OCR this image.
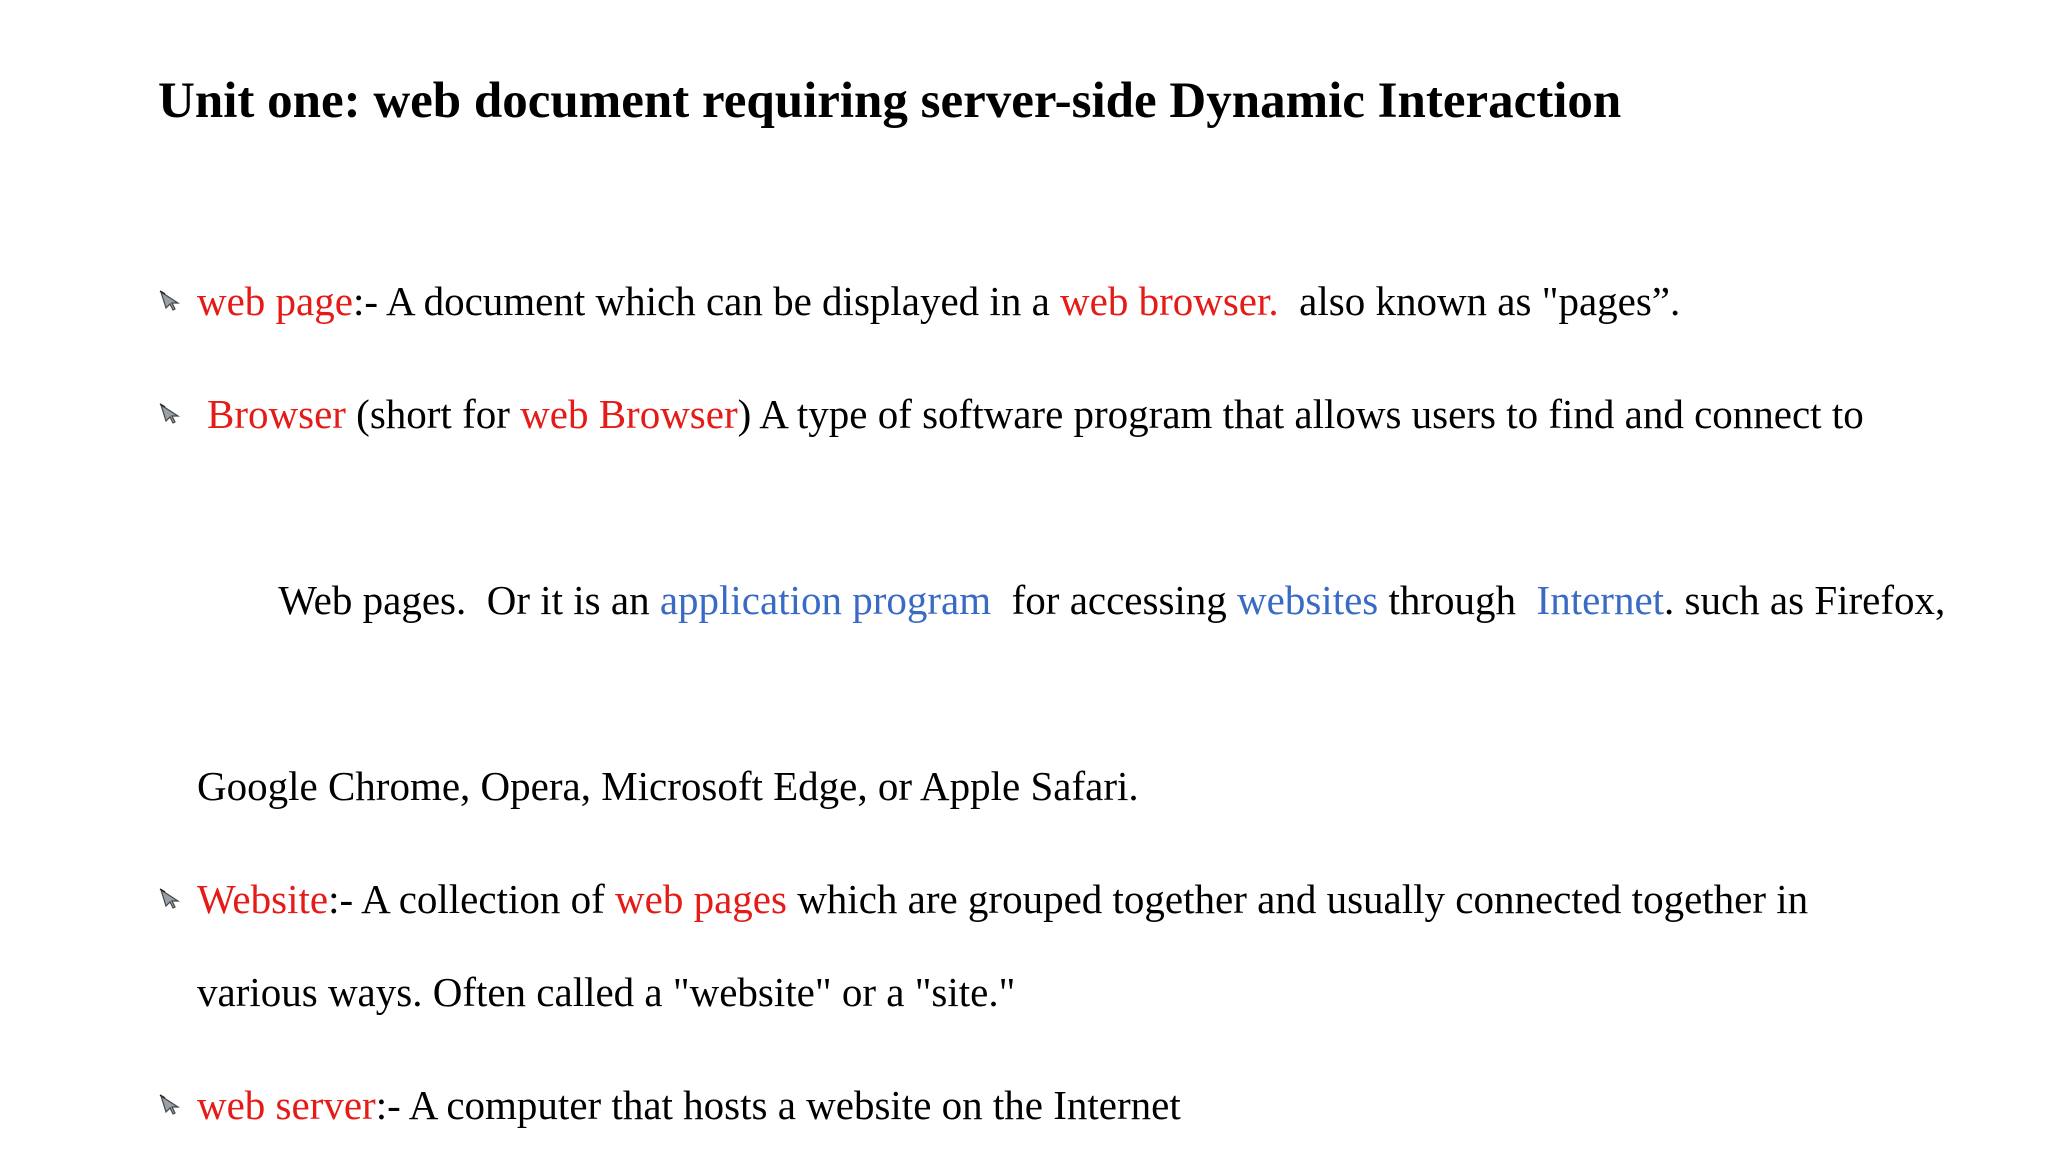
Unit one: web document requiring server-side Dynamic Interaction
web page:- A document which can be displayed in a web browser.  also known as "pages”.
Browser (short for web Browser) A type of software program that allows users to find and connect to

Web pages.  Or it is an application program  for accessing websites through  Internet. such as Firefox,

Google Chrome, Opera, Microsoft Edge, or Apple Safari.
Website:- A collection of web pages which are grouped together and usually connected together in
various ways. Often called a "website" or a "site."
web server:- A computer that hosts a website on the Internet
